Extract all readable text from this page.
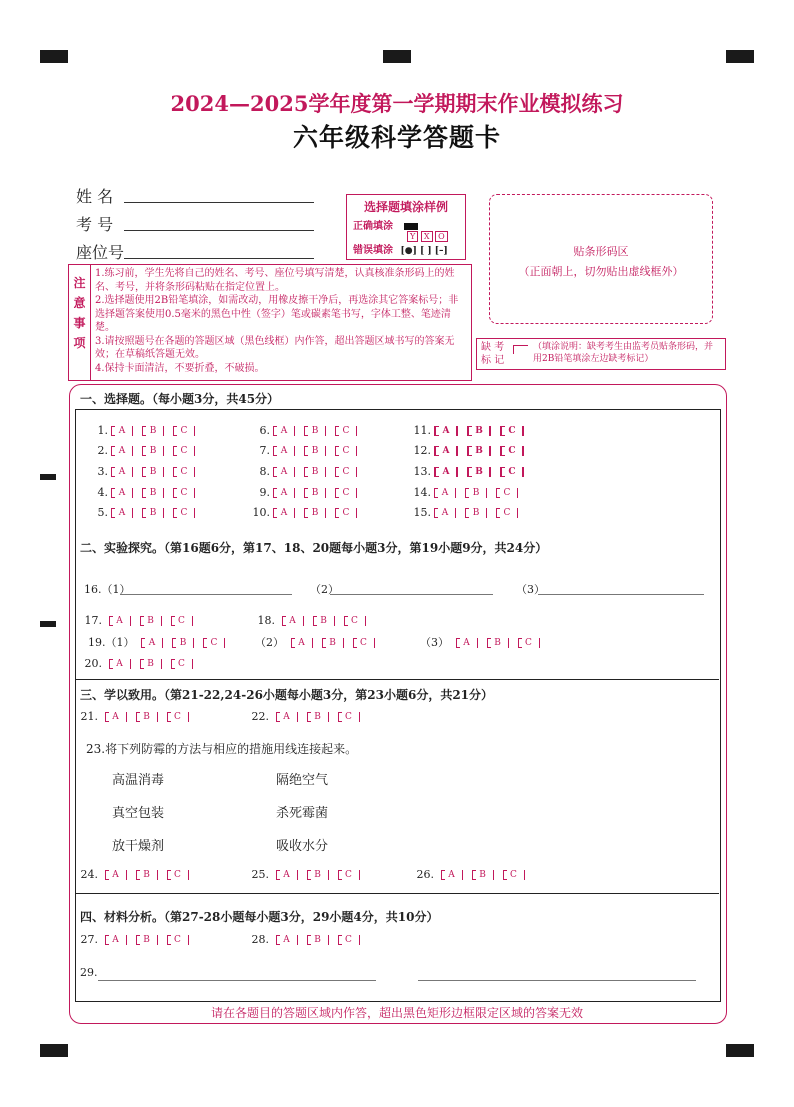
2024—2025学年度第一学期期末作业模拟练习
六年级科学答题卡
姓 名
考 号
座位号
选择题填涂样例
正确填涂
Y X O
错误填涂 [●] [ ] [–]	贴条形码区
（正面朝上，切勿贴出虚线框外）
注
意
事
项
1.练习前，学生先将自己的姓名、考号、座位号填写清楚，认真核准条形码上的姓名、考号，并将条形码粘贴在指定位置上。
2.选择题使用2B铅笔填涂，如需改动，用橡皮擦干净后，再选涂其它答案标号；非选择题答案使用0.5毫米的黑色中性（签字）笔或碳素笔书写，字体工整、笔迹清楚。
3.请按照题号在各题的答题区域（黑色线框）内作答，超出答题区域书写的答案无效；在草稿纸答题无效。
4.保持卡面清洁，不要折叠，不破损。
缺 考
标 记
（填涂说明：缺考考生由监考员贴条形码，并用2B铅笔填涂左边缺考标记）
一、选择题。（每小题3分，共45分）
1. A	B	C
2. A	B	C
3. A	B	C
4. A	B	C
5. A	B	C
6. A	B	C
7. A	B	C
8. A	B	C
9. A	B	C
10. A	B	C
11. A	B	C
12. A	B	C
13. A	B	C
14. A	B	C
15. A	B	C
二、实验探究。（第16题6分，第17、18、20题每小题3分，第19小题9分，共24分）
16.（1）	（2）	（3）
17. A	B	C	18. A	B	C
19.（1） A	B	C	（2） A	B	C	（3） A	B	C
20. A	B	C
三、学以致用。（第21-22,24-26小题每小题3分，第23小题6分，共21分）
21. A	B	C	22. A	B	C
23.将下列防霉的方法与相应的措施用线连接起来。
高温消毒
真空包装
放干燥剂
隔绝空气
杀死霉菌
吸收水分
24. A	B	C	25. A	B	C	26. A	B	C
四、材料分析。（第27-28小题每小题3分，29小题4分，共10分）
27. A	B	C	28. A	B	C
29.
请在各题目的答题区域内作答，超出黑色矩形边框限定区域的答案无效
